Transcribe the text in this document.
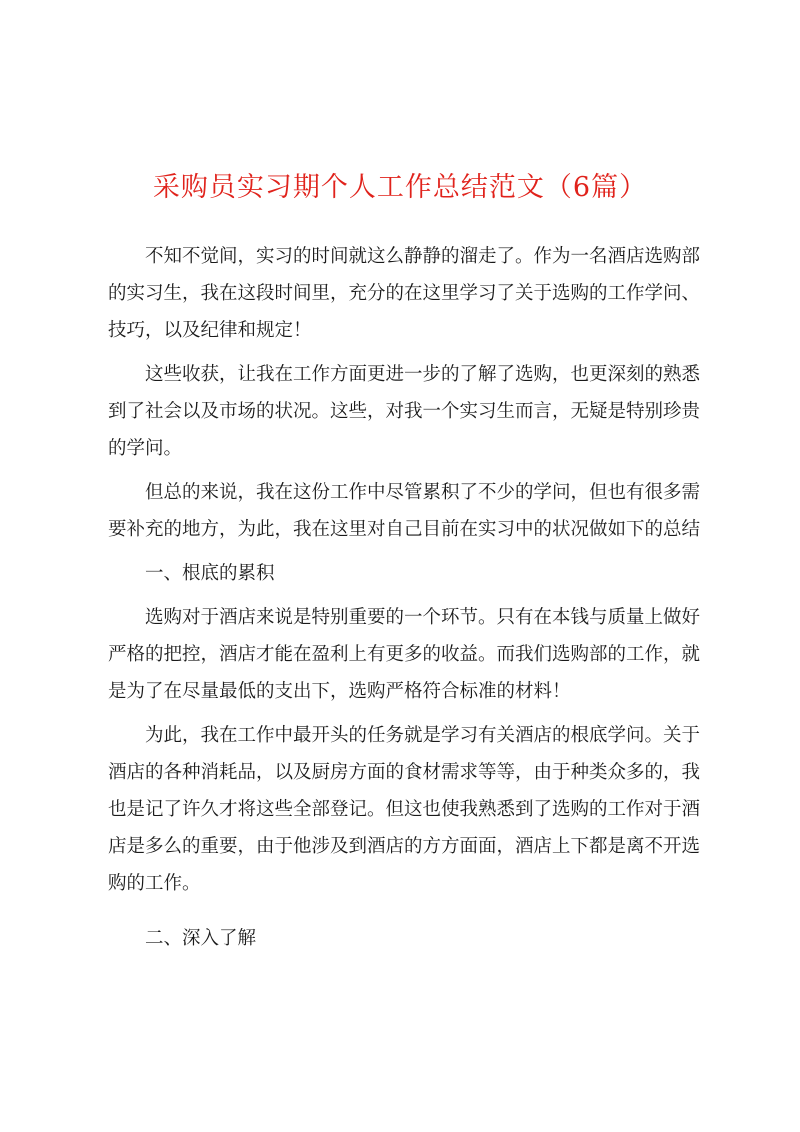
采购员实习期个人工作总结范文（6篇）

不知不觉间，实习的时间就这么静静的溜走了。作为一名酒店选购部的实习生，我在这段时间里，充分的在这里学习了关于选购的工作学问、技巧，以及纪律和规定！

这些收获，让我在工作方面更进一步的了解了选购，也更深刻的熟悉到了社会以及市场的状况。这些，对我一个实习生而言，无疑是特别珍贵的学问。

但总的来说，我在这份工作中尽管累积了不少的学问，但也有很多需要补充的地方，为此，我在这里对自己目前在实习中的状况做如下的总结

一、根底的累积

选购对于酒店来说是特别重要的一个环节。只有在本钱与质量上做好严格的把控，酒店才能在盈利上有更多的收益。而我们选购部的工作，就是为了在尽量最低的支出下，选购严格符合标准的材料！

为此，我在工作中最开头的任务就是学习有关酒店的根底学问。关于酒店的各种消耗品，以及厨房方面的食材需求等等，由于种类众多的，我也是记了许久才将这些全部登记。但这也使我熟悉到了选购的工作对于酒店是多么的重要，由于他涉及到酒店的方方面面，酒店上下都是离不开选购的工作。

二、深入了解
